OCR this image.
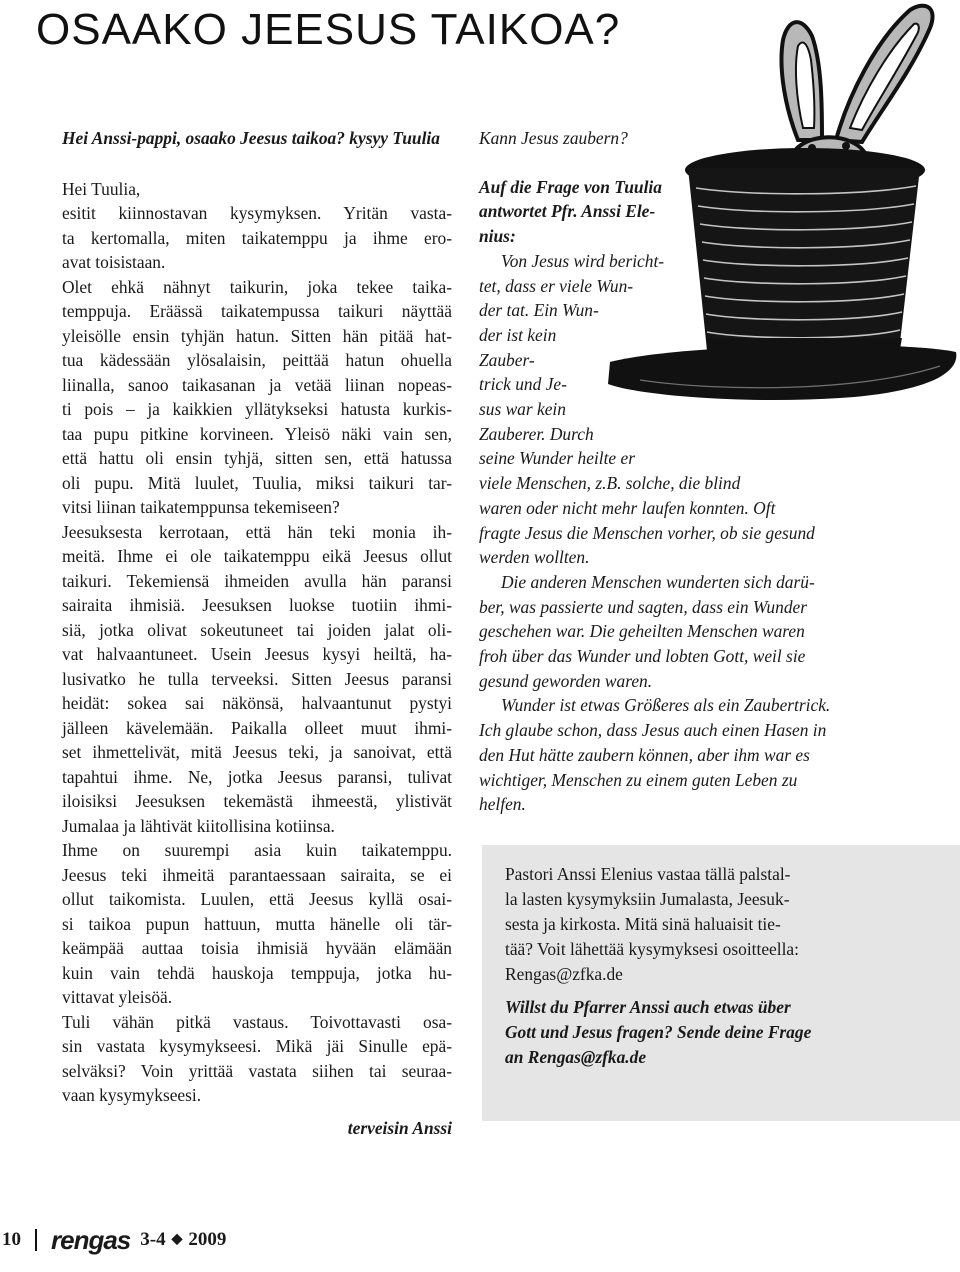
OSAAKO JEESUS TAIKOA?

Hei Anssi-pappi, osaako Jeesus taikoa? kysyy Tuulia

Hei Tuulia,

esitit kiinnostavan kysymyksen. Yritän vasta-
ta kertomalla, miten taikatemppu ja ihme ero-
avat toisistaan.

Olet ehkä nähnyt taikurin, joka tekee taika-
temppuja. Eräässä taikatempussa taikuri näyttää
yleisölle ensin tyhjän hatun. Sitten hän pitää hat-
tua kädessään ylösalaisin, peittää hatun ohuella
liinalla, sanoo taikasanan ja vetää liinan nopeas-
ti pois – ja kaikkien yllätykseksi hatusta kurkis-
taa pupu pitkine korvineen. Yleisö näki vain sen,
että hattu oli ensin tyhjä, sitten sen, että hatussa
oli pupu. Mitä luulet, Tuulia, miksi taikuri tar-
vitsi liinan taikatemppunsa tekemiseen?

Jeesuksesta kerrotaan, että hän teki monia ih-
meitä. Ihme ei ole taikatemppu eikä Jeesus ollut
taikuri. Tekemiensä ihmeiden avulla hän paransi
sairaita ihmisiä. Jeesuksen luokse tuotiin ihmi-
siä, jotka olivat sokeutuneet tai joiden jalat oli-
vat halvaantuneet. Usein Jeesus kysyi heiltä, ha-
lusivatko he tulla terveeksi. Sitten Jeesus paransi
heidät: sokea sai näkönsä, halvaantunut pystyi
jälleen kävelemään. Paikalla olleet muut ihmi-
set ihmettelivät, mitä Jeesus teki, ja sanoivat, että
tapahtui ihme. Ne, jotka Jeesus paransi, tulivat
iloisiksi Jeesuksen tekemästä ihmeestä, ylistivät
Jumalaa ja lähtivät kiitollisina kotiinsa.

Ihme on suurempi asia kuin taikatemppu.
Jeesus teki ihmeitä parantaessaan sairaita, se ei
ollut taikomista. Luulen, että Jeesus kyllä osai-
si taikoa pupun hattuun, mutta hänelle oli tär-
keämpää auttaa toisia ihmisiä hyvään elämään
kuin vain tehdä hauskoja temppuja, jotka hu-
vittavat yleisöä.

Tuli vähän pitkä vastaus. Toivottavasti osa-
sin vastata kysymykseesi. Mikä jäi Sinulle epä-
selväksi? Voin yrittää vastata siihen tai seuraa-
vaan kysymykseesi.

terveisin Anssi

Kann Jesus zaubern?
Auf die Frage von Tuulia
antwortet Pfr. Anssi Ele-
nius:
Von Jesus wird bericht-
tet, dass er viele Wun-
der tat. Ein Wun-
der ist kein
Zauber-
trick und Je-
sus war kein
Zauberer. Durch
seine Wunder heilte er
viele Menschen, z.B. solche, die blind
waren oder nicht mehr laufen konnten. Oft
fragte Jesus die Menschen vorher, ob sie gesund
werden wollten.
Die anderen Menschen wunderten sich darü-
ber, was passierte und sagten, dass ein Wunder
geschehen war. Die geheilten Menschen waren
froh über das Wunder und lobten Gott, weil sie
gesund geworden waren.
Wunder ist etwas Größeres als ein Zaubertrick.
Ich glaube schon, dass Jesus auch einen Hasen in
den Hut hätte zaubern können, aber ihm war es
wichtiger, Menschen zu einem guten Leben zu
helfen.
Pastori Anssi Elenius vastaa tällä palstal-
la lasten kysymyksiin Jumalasta, Jeesuk-
sesta ja kirkosta. Mitä sinä haluaisit tie-
tää? Voit lähettää kysymyksesi osoitteella:
Rengas@zfka.de
Willst du Pfarrer Anssi auch etwas über
Gott und Jesus fragen? Sende deine Frage
an Rengas@zfka.de
10 rengas 3-4 ◆ 2009
